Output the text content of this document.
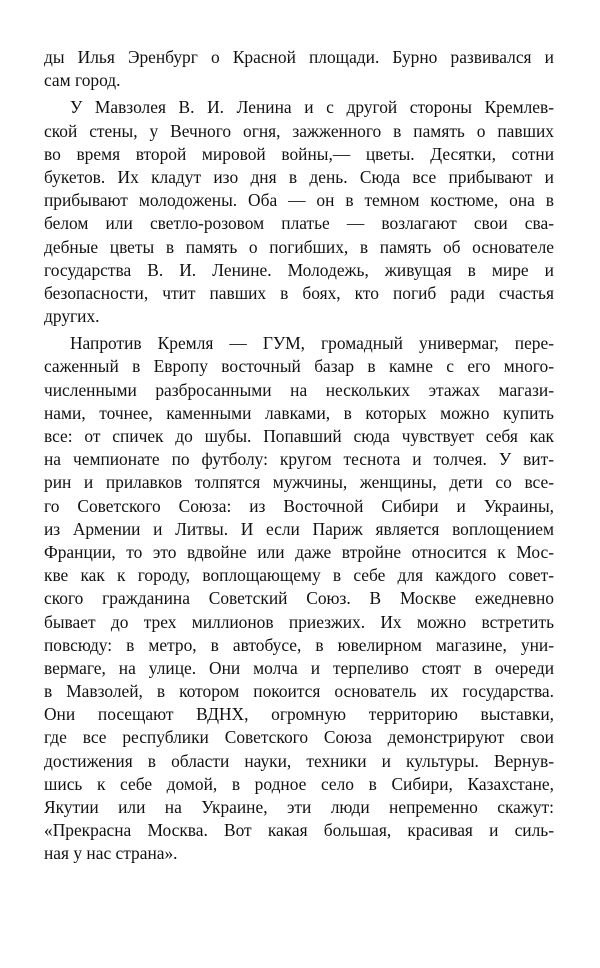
ды Илья Эренбург о Красной площади. Бурно развивался и
сам город.
У Мавзолея В. И. Ленина и с другой стороны Кремлев-
ской стены, у Вечного огня, зажженного в память о павших
во время второй мировой войны,— цветы. Десятки, сотни
букетов. Их кладут изо дня в день. Сюда все прибывают и
прибывают молодожены. Оба — он в темном костюме, она в
белом или светло-розовом платье — возлагают свои сва-
дебные цветы в память о погибших, в память об основателе
государства В. И. Ленине. Молодежь, живущая в мире и
безопасности, чтит павших в боях, кто погиб ради счастья
других.
Напротив Кремля — ГУМ, громадный универмаг, пере-
саженный в Европу восточный базар в камне с его много-
численными разбросанными на нескольких этажах магази-
нами, точнее, каменными лавками, в которых можно купить
все: от спичек до шубы. Попавший сюда чувствует себя как
на чемпионате по футболу: кругом теснота и толчея. У вит-
рин и прилавков толпятся мужчины, женщины, дети со все-
го Советского Союза: из Восточной Сибири и Украины,
из Армении и Литвы. И если Париж является воплощением
Франции, то это вдвойне или даже втройне относится к Мос-
кве как к городу, воплощающему в себе для каждого совет-
ского гражданина Советский Союз. В Москве ежедневно
бывает до трех миллионов приезжих. Их можно встретить
повсюду: в метро, в автобусе, в ювелирном магазине, уни-
вермаге, на улице. Они молча и терпеливо стоят в очереди
в Мавзолей, в котором покоится основатель их государства.
Они посещают ВДНХ, огромную территорию выставки,
где все республики Советского Союза демонстрируют свои
достижения в области науки, техники и культуры. Вернув-
шись к себе домой, в родное село в Сибири, Казахстане,
Якутии или на Украине, эти люди непременно скажут:
«Прекрасна Москва. Вот какая большая, красивая и силь-
ная у нас страна».
